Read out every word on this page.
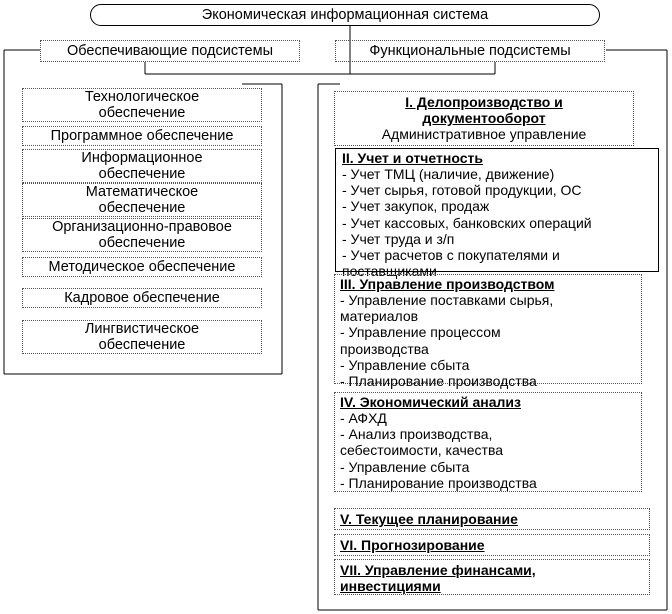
Экономическая информационная система
Обеспечивающие подсистемы	Функциональные подсистемы
Технологическое обеспечение
Программное обеспечение
Информационное обеспечение
Математическое обеспечение
Организационно-правовое обеспечение
Методическое обеспечение
Кадровое обеспечение
Лингвистическое обеспечение
I. Делопроизводство и документооборот
Административное управление
II. Учет и отчетность
- Учет ТМЦ (наличие, движение)
- Учет сырья, готовой продукции, ОС
- Учет закупок, продаж
- Учет кассовых, банковских операций
- Учет труда и з/п
- Учет расчетов с покупателями и поставщиками
III. Управление производством
- Управление поставками сырья, материалов
- Управление процессом производства
- Управление сбыта
- Планирование производства
IV. Экономический анализ
- АФХД
- Анализ производства, себестоимости, качества
- Управление сбыта
- Планирование производства
V. Текущее планирование
VI. Прогнозирование
VII. Управление финансами, инвестициями
